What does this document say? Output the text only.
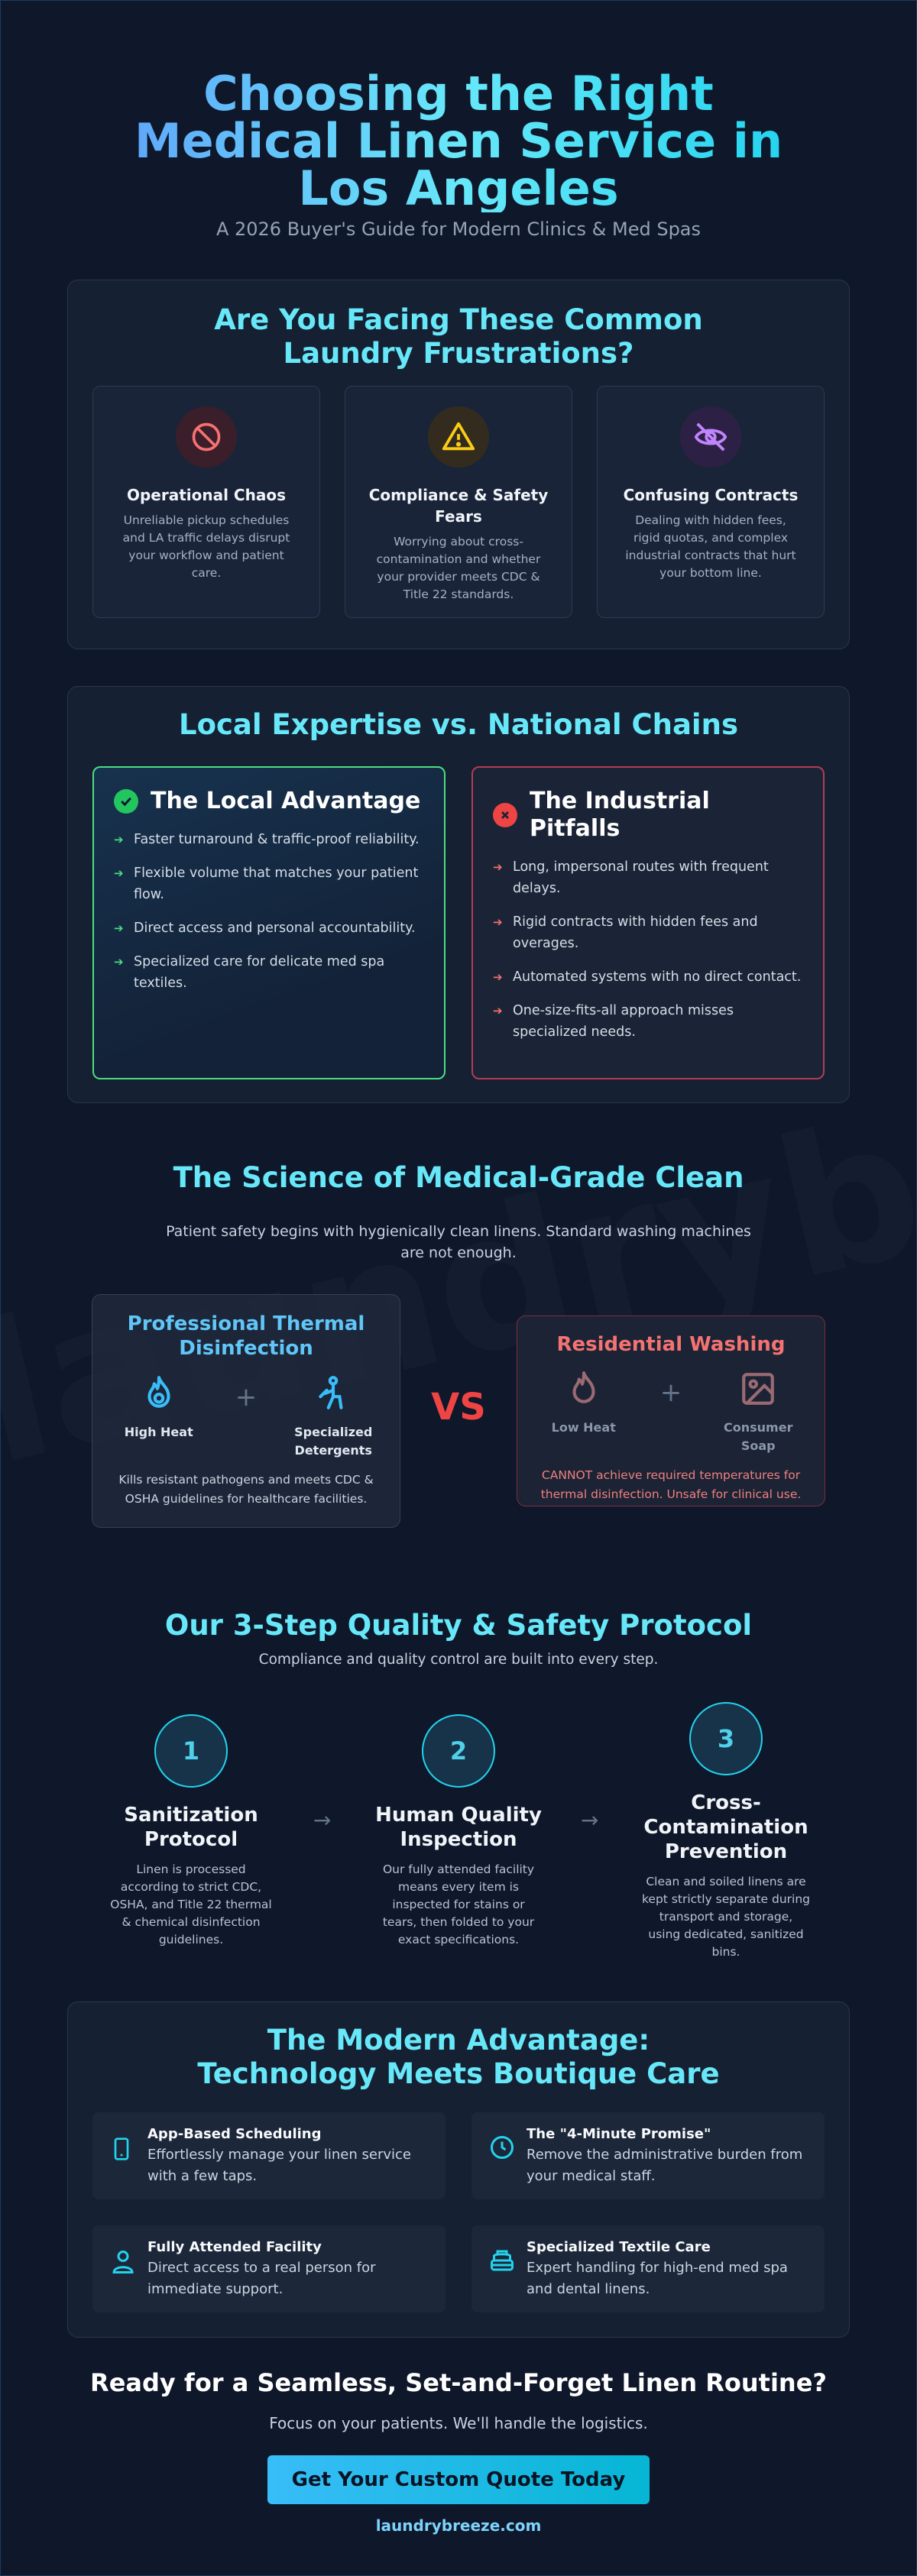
Choosing the Right Medical Linen Service in Los Angeles
A 2026 Buyer's Guide for Modern Clinics & Med Spas
Are You Facing These Common Laundry Frustrations?
Operational Chaos

Unreliable pickup schedules and LA traffic delays disrupt your workflow and patient care.

Compliance & Safety Fears

Worrying about cross-contamination and whether your provider meets CDC & Title 22 standards.

Confusing Contracts

Dealing with hidden fees, rigid quotas, and complex industrial contracts that hurt your bottom line.

Local Expertise vs. National Chains
The Local Advantage
➔ Faster turnaround & traffic-proof reliability.
➔ Flexible volume that matches your patient flow.
➔ Direct access and personal accountability.
➔ Specialized care for delicate med spa textiles.
The Industrial Pitfalls
➔ Long, impersonal routes with frequent delays.
➔ Rigid contracts with hidden fees and overages.
➔ Automated systems with no direct contact.
➔ One-size-fits-all approach misses specialized needs.
The Science of Medical-Grade Clean
Patient safety begins with hygienically clean linens. Standard washing machines are not enough.
Professional Thermal Disinfection
High Heat
+
Specialized Detergents

Kills resistant pathogens and meets CDC & OSHA guidelines for healthcare facilities.

VS
Residential Washing
Low Heat
+
Consumer Soap

CANNOT achieve required temperatures for thermal disinfection. Unsafe for clinical use.

Our 3-Step Quality & Safety Protocol
Compliance and quality control are built into every step.
1
Sanitization Protocol

Linen is processed according to strict CDC, OSHA, and Title 22 thermal & chemical disinfection guidelines.

→
2
Human Quality Inspection

Our fully attended facility means every item is inspected for stains or tears, then folded to your exact specifications.

→
3
Cross-Contamination Prevention

Clean and soiled linens are kept strictly separate during transport and storage, using dedicated, sanitized bins.

The Modern Advantage: Technology Meets Boutique Care
App-Based Scheduling

Effortlessly manage your linen service with a few taps.

The "4-Minute Promise"

Remove the administrative burden from your medical staff.

Fully Attended Facility

Direct access to a real person for immediate support.

Specialized Textile Care

Expert handling for high-end med spa and dental linens.

Ready for a Seamless, Set-and-Forget Linen Routine?
Focus on your patients. We'll handle the logistics.
Get Your Custom Quote Today
laundrybreeze.com
